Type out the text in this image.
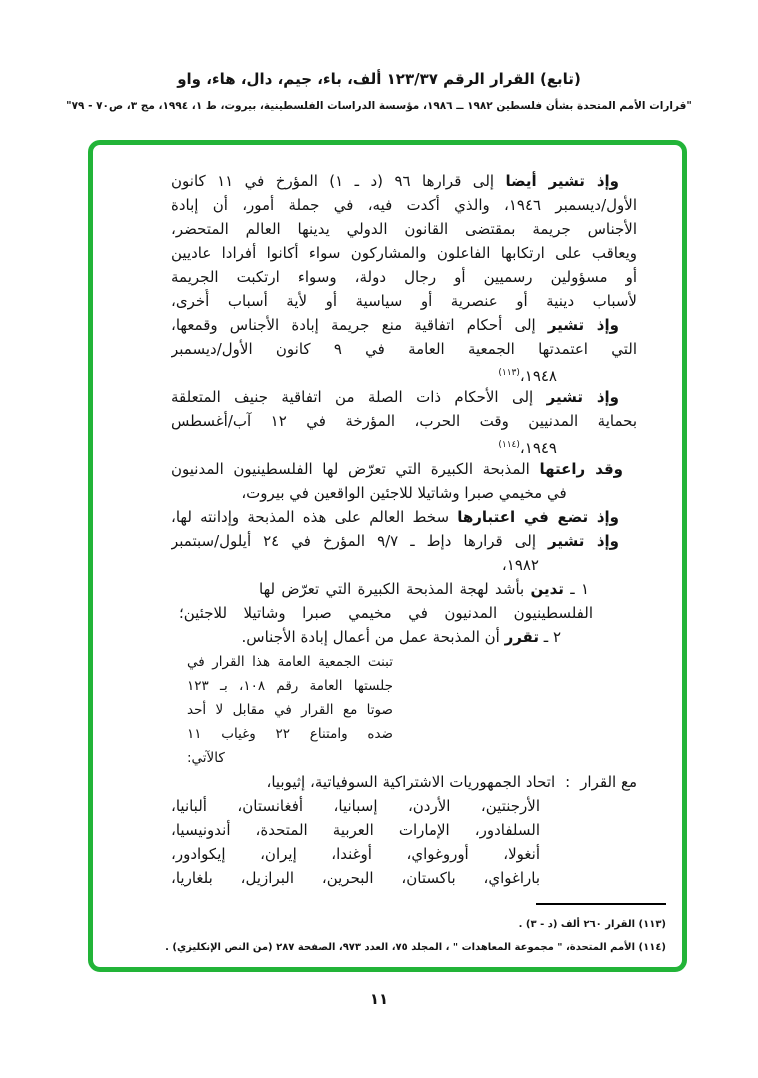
(تابع) القرار الرقم ١٢٣/٣٧ ألف، باء، جيم، دال، هاء، واو
"قرارات الأمم المتحدة بشأن فلسطين ١٩٨٢ ــ ١٩٨٦، مؤسسة الدراسات الفلسطينية، بيروت، ط ١، ١٩٩٤، مج ٣، ص٧٠ - ٧٩"
وإذ تشير أيضا إلى قرارها ٩٦ (د ـ ١) المؤرخ في ١١ كانون
الأول/ديسمبر ١٩٤٦، والذي أكدت فيه، في جملة أمور، أن إبادة
الأجناس جريمة بمقتضى القانون الدولي يدينها العالم المتحضر،
ويعاقب على ارتكابها الفاعلون والمشاركون سواء أكانوا أفرادا عاديين
أو مسؤولين رسميين أو رجال دولة، وسواء ارتكبت الجريمة
لأسباب دينية أو عنصرية أو سياسية أو لأية أسباب أُخرى،
وإذ تشير إلى أحكام اتفاقية منع جريمة إبادة الأجناس وقمعها،
التي اعتمدتها الجمعية العامة في ٩ كانون الأول/ديسمبر
١٩٤٨،$^{(١١٣)}$
وإذ تشير إلى الأحكام ذات الصلة من اتفاقية جنيف المتعلقة
بحماية المدنيين وقت الحرب، المؤرخة في ١٢ آب/أغسطس
١٩٤٩،$^{(١١٤)}$
وقد راعتها المذبحة الكبيرة التي تعرّض لها الفلسطينيون المدنيون
في مخيمي صبرا وشاتيلا للاجئين الواقعين في بيروت،
وإذ تضع في اعتبارها سخط العالم على هذه المذبحة وإدانته لها،
وإذ تشير إلى قرارها دإط ـ ٩/٧ المؤرخ في ٢٤ أيلول/سبتمبر
١٩٨٢،
١ ـ تدين بأشد لهجة المذبحة الكبيرة التي تعرّض لها
الفلسطينيون المدنيون في مخيمي صبرا وشاتيلا للاجئين؛
٢ ـ تقرر أن المذبحة عمل من أعمال إبادة الأجناس.
تبنت الجمعية العامة هذا القرار في
جلستها العامة رقم ١٠٨، بـ ١٢٣
صوتا مع القرار في مقابل لا أحد
ضده وامتناع ٢٢ وغياب ١١
كالآتي:
مع القرار:اتحاد الجمهوريات الاشتراكية السوفياتية، إثيوبيا،
الأرجنتين، الأردن، إسبانيا، أفغانستان، ألبانيا،
السلفادور، الإمارات العربية المتحدة، أندونيسيا،
أنغولا، أوروغواي، أوغندا، إيران، إيكوادور،
باراغواي، باكستان، البحرين، البرازيل، بلغاريا،
(١١٣) القرار ٢٦٠ ألف (د - ٣) .
(١١٤) الأمم المتحدة، " مجموعة المعاهدات " ، المجلد ٧٥، العدد ٩٧٣، الصفحة ٢٨٧ (من النص الإنكليزي) .
١١
